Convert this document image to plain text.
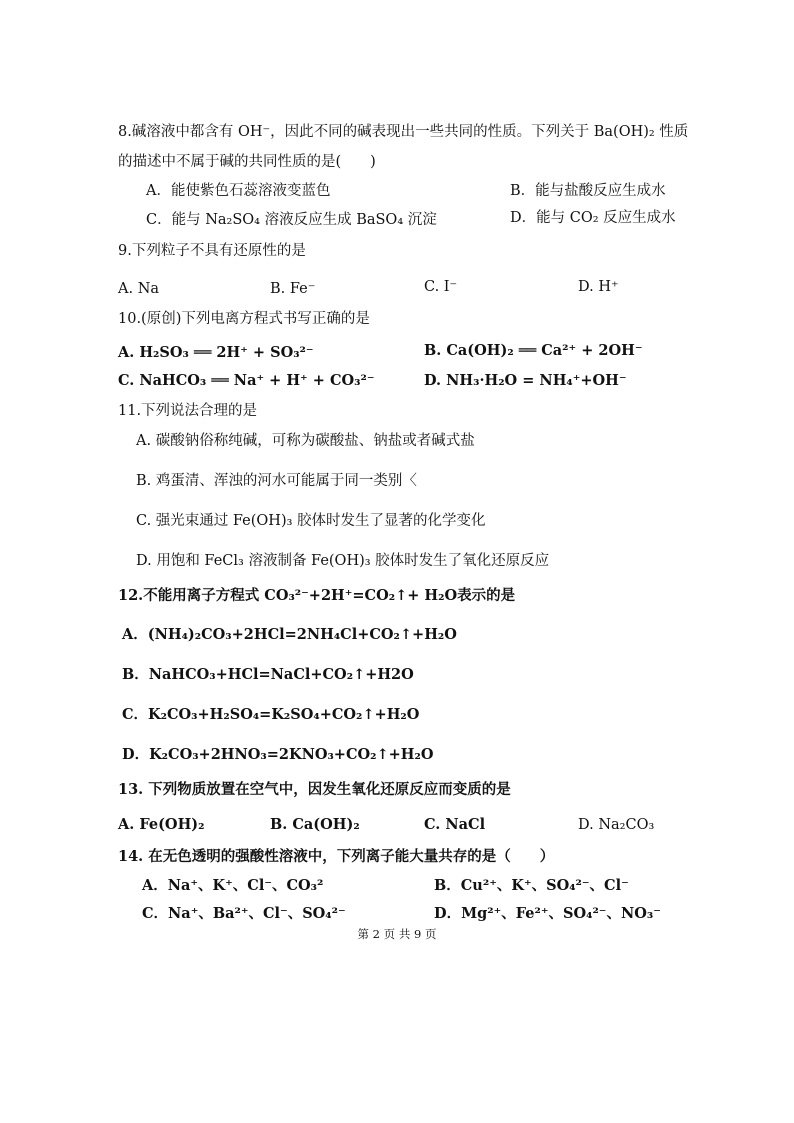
8.碱溶液中都含有 OH⁻，因此不同的碱表现出一些共同的性质。下列关于 Ba(OH)₂ 性质
的描述中不属于碱的共同性质的是(　　)
A．能使紫色石蕊溶液变蓝色	B．能与盐酸反应生成水
C．能与 Na₂SO₄ 溶液反应生成 BaSO₄ 沉淀	D．能与 CO₂ 反应生成水
9.下列粒子不具有还原性的是
A. Na	B. Fe⁻	C. I⁻	D. H⁺
10.(原创)下列电离方程式书写正确的是
A. H₂SO₃ ══ 2H⁺ + SO₃²⁻	B. Ca(OH)₂ ══ Ca²⁺ + 2OH⁻
C. NaHCO₃ ══ Na⁺ + H⁺ + CO₃²⁻	D. NH₃·H₂O = NH₄⁺+OH⁻
11.下列说法合理的是
A. 碳酸钠俗称纯碱，可称为碳酸盐、钠盐或者碱式盐
B. 鸡蛋清、浑浊的河水可能属于同一类别〈
C. 强光束通过 Fe(OH)₃ 胶体时发生了显著的化学变化
D. 用饱和 FeCl₃ 溶液制备 Fe(OH)₃ 胶体时发生了氧化还原反应
12.不能用离子方程式 CO₃²⁻+2H⁺=CO₂↑+ H₂O表示的是
A．(NH₄)₂CO₃+2HCl=2NH₄Cl+CO₂↑+H₂O
B．NaHCO₃+HCl=NaCl+CO₂↑+H2O
C．K₂CO₃+H₂SO₄=K₂SO₄+CO₂↑+H₂O
D．K₂CO₃+2HNO₃=2KNO₃+CO₂↑+H₂O
13. 下列物质放置在空气中，因发生氧化还原反应而变质的是
A. Fe(OH)₂	B. Ca(OH)₂	C. NaCl	D. Na₂CO₃
14. 在无色透明的强酸性溶液中，下列离子能大量共存的是（　　）
A．Na⁺、K⁺、Cl⁻、CO₃²	B．Cu²⁺、K⁺、SO₄²⁻、Cl⁻
C．Na⁺、Ba²⁺、Cl⁻、SO₄²⁻	D．Mg²⁺、Fe²⁺、SO₄²⁻、NO₃⁻
第 2 页 共 9 页
